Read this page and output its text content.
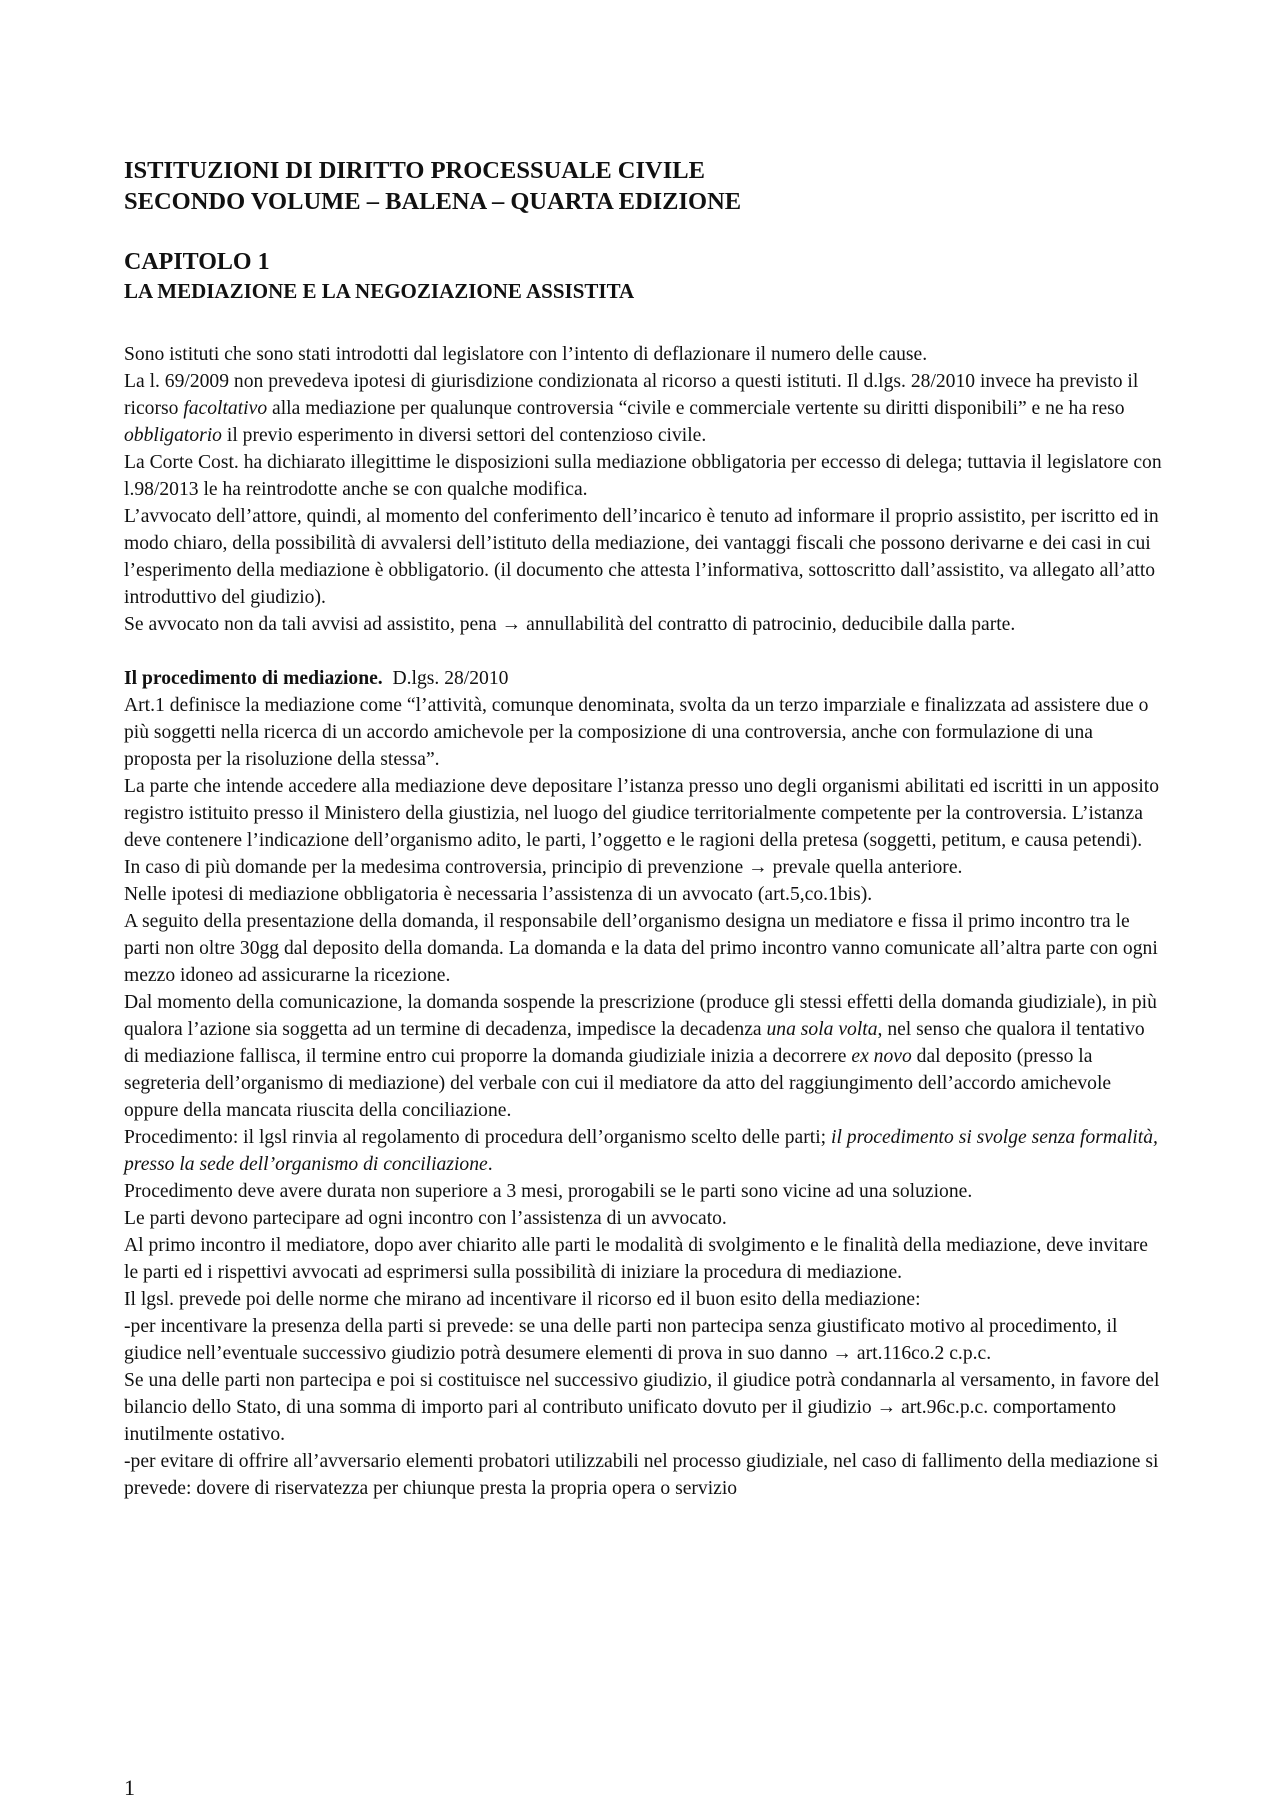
ISTITUZIONI DI DIRITTO PROCESSUALE CIVILE
SECONDO VOLUME – BALENA – QUARTA EDIZIONE
CAPITOLO 1
LA MEDIAZIONE E LA NEGOZIAZIONE ASSISTITA

Sono istituti che sono stati introdotti dal legislatore con l’intento di deflazionare il numero delle cause.

La l. 69/2009 non prevedeva ipotesi di giurisdizione condizionata al ricorso a questi istituti. Il d.lgs. 28/2010 invece ha previsto il ricorso facoltativo alla mediazione per qualunque controversia “civile e commerciale vertente su diritti disponibili” e ne ha reso obbligatorio il previo esperimento in diversi settori del contenzioso civile.

La Corte Cost. ha dichiarato illegittime le disposizioni sulla mediazione obbligatoria per eccesso di delega; tuttavia il legislatore con l.98/2013 le ha reintrodotte anche se con qualche modifica.

L’avvocato dell’attore, quindi, al momento del conferimento dell’incarico è tenuto ad informare il proprio assistito, per iscritto ed in modo chiaro, della possibilità di avvalersi dell’istituto della mediazione, dei vantaggi fiscali che possono derivarne e dei casi in cui l’esperimento della mediazione è obbligatorio. (il documento che attesta l’informativa, sottoscritto dall’assistito, va allegato all’atto introduttivo del giudizio).

Se avvocato non da tali avvisi ad assistito, pena → annullabilità del contratto di patrocinio, deducibile dalla parte.

Il procedimento di mediazione. D.lgs. 28/2010

Art.1 definisce la mediazione come “l’attività, comunque denominata, svolta da un terzo imparziale e finalizzata ad assistere due o più soggetti nella ricerca di un accordo amichevole per la composizione di una controversia, anche con formulazione di una proposta per la risoluzione della stessa”.

La parte che intende accedere alla mediazione deve depositare l’istanza presso uno degli organismi abilitati ed iscritti in un apposito registro istituito presso il Ministero della giustizia, nel luogo del giudice territorialmente competente per la controversia. L’istanza deve contenere l’indicazione dell’organismo adito, le parti, l’oggetto e le ragioni della pretesa (soggetti, petitum, e causa petendi).

In caso di più domande per la medesima controversia, principio di prevenzione → prevale quella anteriore.

Nelle ipotesi di mediazione obbligatoria è necessaria l’assistenza di un avvocato (art.5,co.1bis).

A seguito della presentazione della domanda, il responsabile dell’organismo designa un mediatore e fissa il primo incontro tra le parti non oltre 30gg dal deposito della domanda. La domanda e la data del primo incontro vanno comunicate all’altra parte con ogni mezzo idoneo ad assicurarne la ricezione.

Dal momento della comunicazione, la domanda sospende la prescrizione (produce gli stessi effetti della domanda giudiziale), in più qualora l’azione sia soggetta ad un termine di decadenza, impedisce la decadenza una sola volta, nel senso che qualora il tentativo di mediazione fallisca, il termine entro cui proporre la domanda giudiziale inizia a decorrere ex novo dal deposito (presso la segreteria dell’organismo di mediazione) del verbale con cui il mediatore da atto del raggiungimento dell’accordo amichevole oppure della mancata riuscita della conciliazione.

Procedimento: il lgsl rinvia al regolamento di procedura dell’organismo scelto delle parti; il procedimento si svolge senza formalità, presso la sede dell’organismo di conciliazione.

Procedimento deve avere durata non superiore a 3 mesi, prorogabili se le parti sono vicine ad una soluzione.

Le parti devono partecipare ad ogni incontro con l’assistenza di un avvocato.

Al primo incontro il mediatore, dopo aver chiarito alle parti le modalità di svolgimento e le finalità della mediazione, deve invitare le parti ed i rispettivi avvocati ad esprimersi sulla possibilità di iniziare la procedura di mediazione.

Il lgsl. prevede poi delle norme che mirano ad incentivare il ricorso ed il buon esito della mediazione:

-per incentivare la presenza della parti si prevede: se una delle parti non partecipa senza giustificato motivo al procedimento, il giudice nell’eventuale successivo giudizio potrà desumere elementi di prova in suo danno → art.116co.2 c.p.c.

Se una delle parti non partecipa e poi si costituisce nel successivo giudizio, il giudice potrà condannarla al versamento, in favore del bilancio dello Stato, di una somma di importo pari al contributo unificato dovuto per il giudizio → art.96c.p.c. comportamento inutilmente ostativo.

-per evitare di offrire all’avversario elementi probatori utilizzabili nel processo giudiziale, nel caso di fallimento della mediazione si prevede: dovere di riservatezza per chiunque presta la propria opera o servizio

1
